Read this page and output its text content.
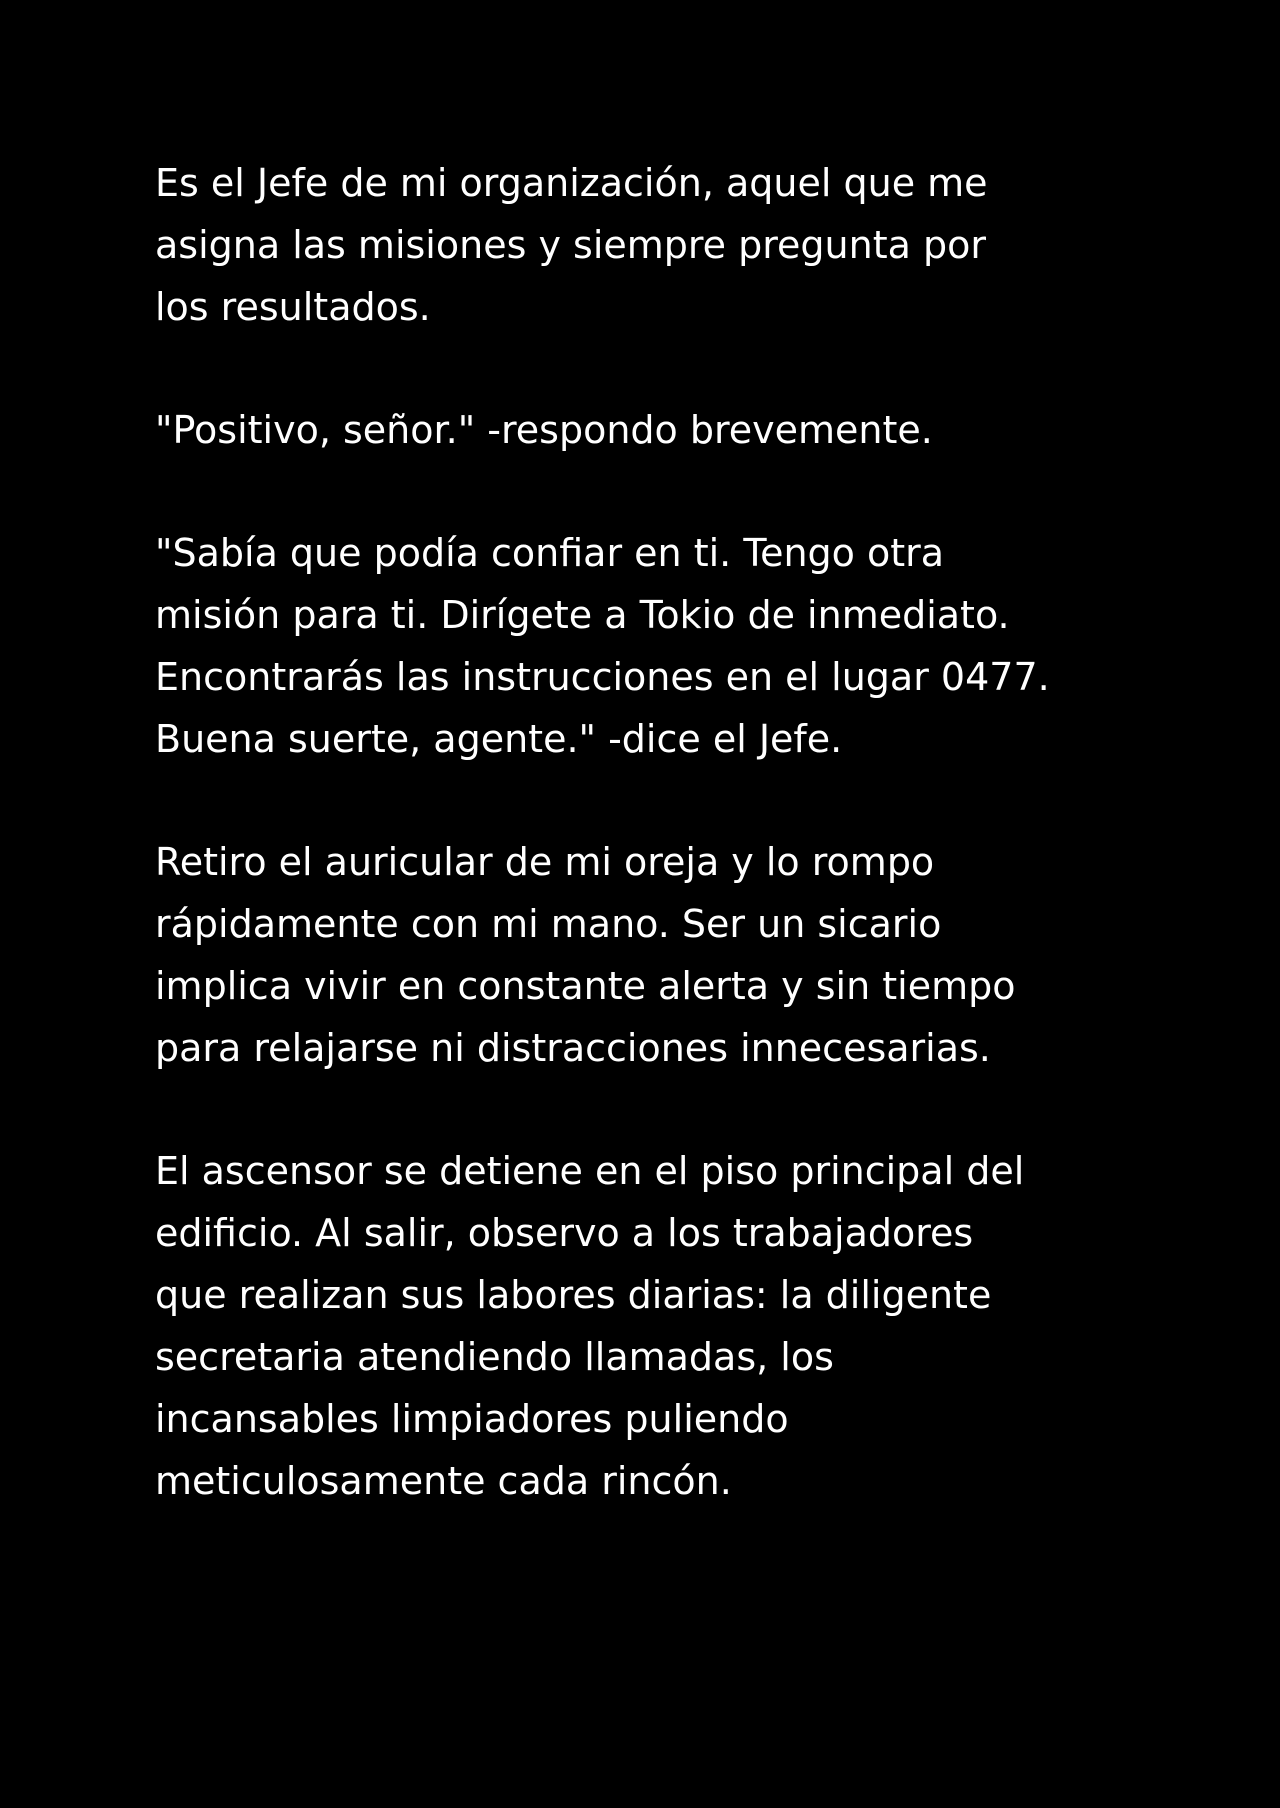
Es el Jefe de mi organización, aquel que me
asigna las misiones y siempre pregunta por
los resultados.

"Positivo, señor." -respondo brevemente.

"Sabía que podía confiar en ti. Tengo otra
misión para ti. Dirígete a Tokio de inmediato.
Encontrarás las instrucciones en el lugar 0477.
Buena suerte, agente." -dice el Jefe.

Retiro el auricular de mi oreja y lo rompo
rápidamente con mi mano. Ser un sicario
implica vivir en constante alerta y sin tiempo
para relajarse ni distracciones innecesarias.

El ascensor se detiene en el piso principal del
edificio. Al salir, observo a los trabajadores
que realizan sus labores diarias: la diligente
secretaria atendiendo llamadas, los
incansables limpiadores puliendo
meticulosamente cada rincón.
